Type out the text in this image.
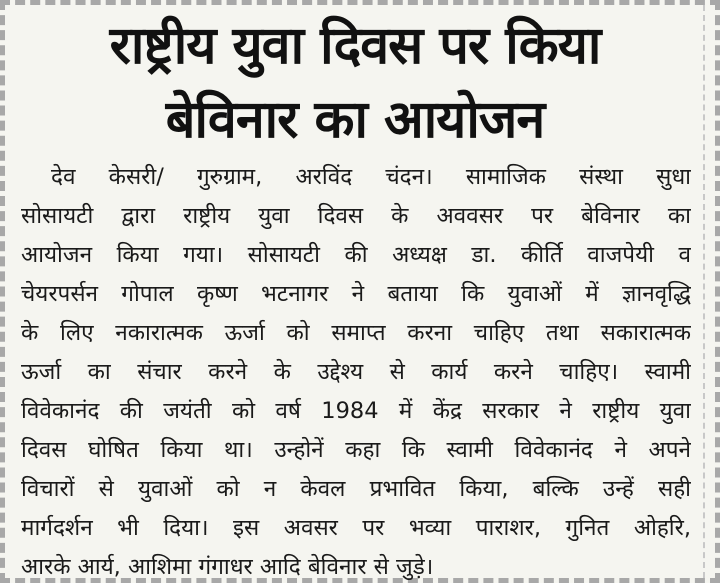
राष्ट्रीय युवा दिवस पर किया
बेविनार का आयोजन
देव केसरी/ गुरुग्राम, अरविंद चंदन। सामाजिक संस्था सुधा
सोसायटी द्वारा राष्ट्रीय युवा दिवस के अववसर पर बेविनार का
आयोजन किया गया। सोसायटी की अध्यक्ष डा. कीर्ति वाजपेयी व
चेयरपर्सन गोपाल कृष्ण भटनागर ने बताया कि युवाओं में ज्ञानवृद्धि
के लिए नकारात्मक ऊर्जा को समाप्त करना चाहिए तथा सकारात्मक
ऊर्जा का संचार करने के उद्देश्य से कार्य करने चाहिए। स्वामी
विवेकानंद की जयंती को वर्ष 1984 में केंद्र सरकार ने राष्ट्रीय युवा
दिवस घोषित किया था। उन्होनें कहा कि स्वामी विवेकानंद ने अपने
विचारों से युवाओं को न केवल प्रभावित किया, बल्कि उन्हें सही
मार्गदर्शन भी दिया। इस अवसर पर भव्या पाराशर, गुनित ओहरि,
आरके आर्य, आशिमा गंगाधर आदि बेविनार से जुड़े।
